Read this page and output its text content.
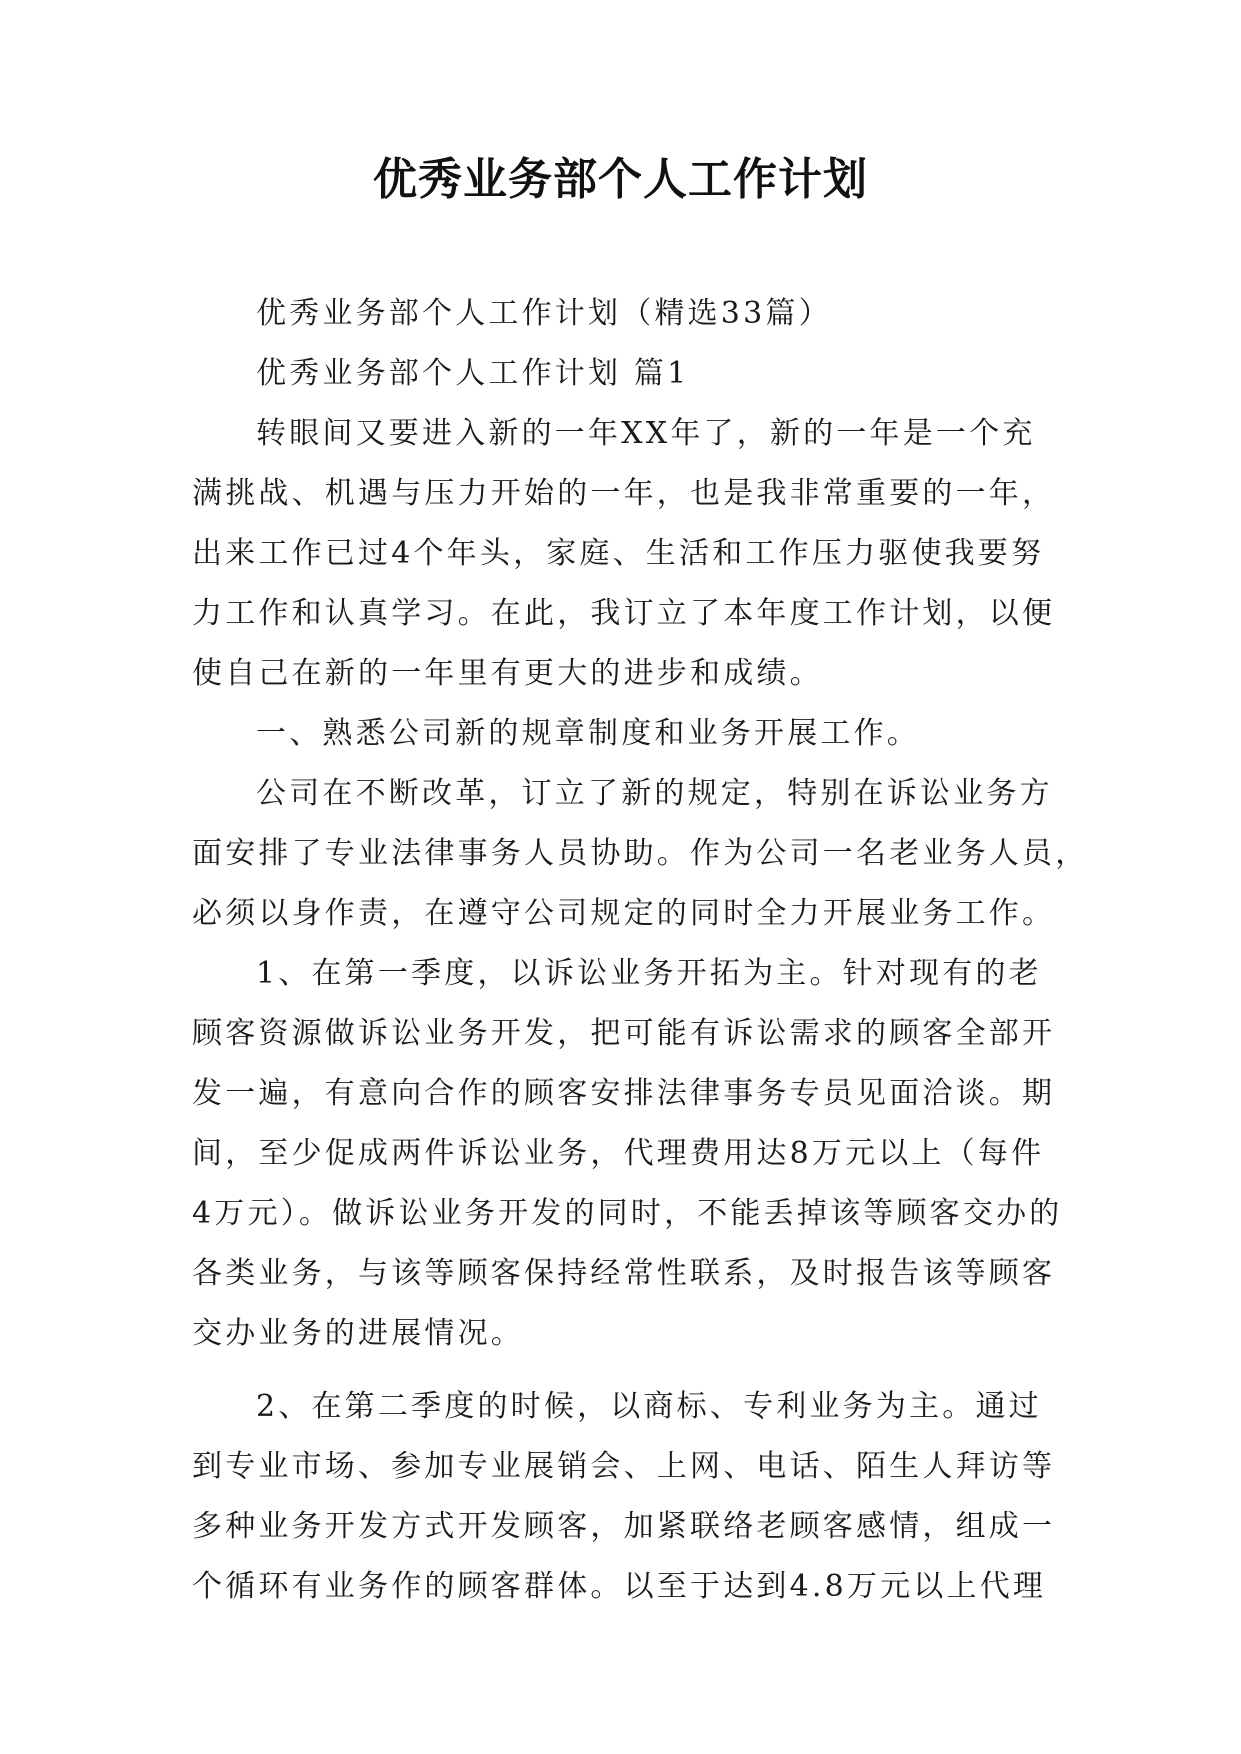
优秀业务部个人工作计划
优秀业务部个人工作计划（精选33篇）
优秀业务部个人工作计划 篇1
转眼间又要进入新的一年XX年了，新的一年是一个充
满挑战、机遇与压力开始的一年，也是我非常重要的一年，
出来工作已过4个年头，家庭、生活和工作压力驱使我要努
力工作和认真学习。在此，我订立了本年度工作计划，以便
使自己在新的一年里有更大的进步和成绩。
一、熟悉公司新的规章制度和业务开展工作。
公司在不断改革，订立了新的规定，特别在诉讼业务方
面安排了专业法律事务人员协助。作为公司一名老业务人员，
必须以身作责，在遵守公司规定的同时全力开展业务工作。
1、在第一季度，以诉讼业务开拓为主。针对现有的老
顾客资源做诉讼业务开发，把可能有诉讼需求的顾客全部开
发一遍，有意向合作的顾客安排法律事务专员见面洽谈。期
间，至少促成两件诉讼业务，代理费用达8万元以上（每件
4万元）。做诉讼业务开发的同时，不能丢掉该等顾客交办的
各类业务，与该等顾客保持经常性联系，及时报告该等顾客
交办业务的进展情况。
2、在第二季度的时候，以商标、专利业务为主。通过
到专业市场、参加专业展销会、上网、电话、陌生人拜访等
多种业务开发方式开发顾客，加紧联络老顾客感情，组成一
个循环有业务作的顾客群体。以至于达到4.8万元以上代理
